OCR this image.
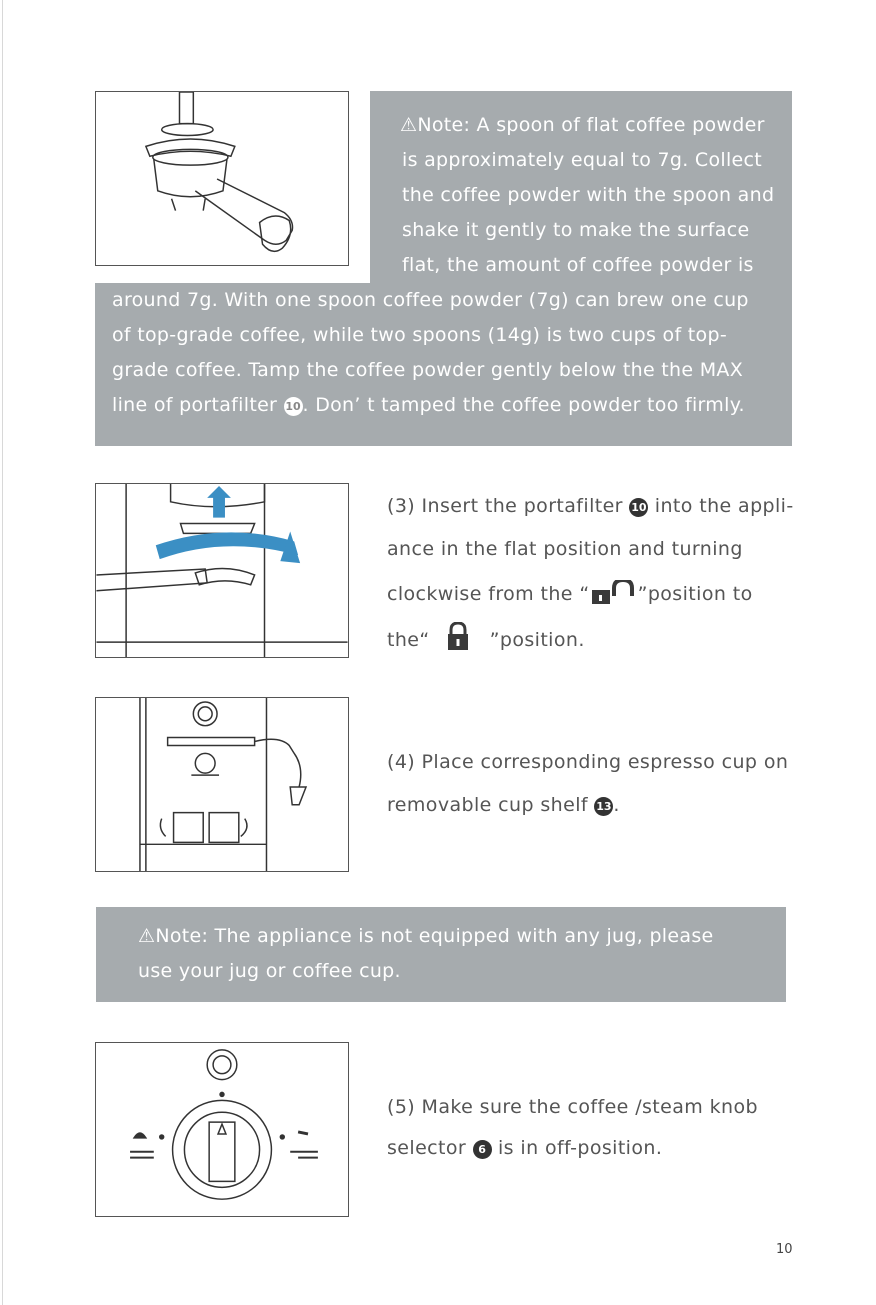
⚠Note: A spoon of flat coffee powder
is approximately equal to 7g. Collect
the coffee powder with the spoon and
shake it gently to make the surface
flat, the amount of coffee powder is
around 7g. With one spoon coffee powder (7g) can brew one cup
of top-grade coffee, while two spoons (14g) is two cups of top-
grade coffee. Tamp the coffee powder gently below the the MAX
line of portafilter 10. Don’ t tamped the coffee powder too firmly.
(3) Insert the portafilter 10 into the appli-
ance in the flat position and turning
clockwise from the “	”position to
the“	”position.
(4) Place corresponding espresso cup on
removable cup shelf 13.
⚠Note: The appliance is not equipped with any jug, please
use your jug or coffee cup.
(5) Make sure the coffee /steam knob
selector 6 is in off-position.
10
